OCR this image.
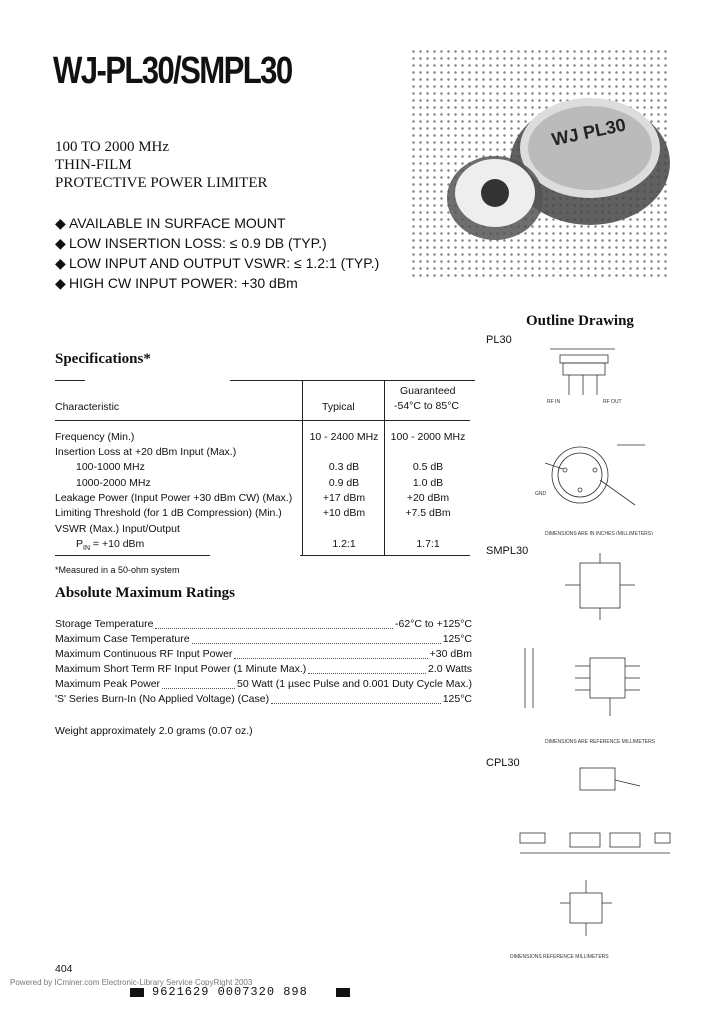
WJ-PL30/SMPL30
100 TO 2000 MHz
THIN-FILM
PROTECTIVE POWER LIMITER
◆ AVAILABLE IN SURFACE MOUNT
◆ LOW INSERTION LOSS: ≤ 0.9 DB (TYP.)
◆ LOW INPUT AND OUTPUT VSWR: ≤ 1.2:1 (TYP.)
◆ HIGH CW INPUT POWER: +30 dBm
WJ PL30
Specifications*
Characteristic	Typical
Guaranteed
-54°C to 85°C
Frequency (Min.)	10 - 2400 MHz	100 - 2000 MHz
Insertion Loss at +20 dBm Input (Max.)
100-1000 MHz	0.3 dB	0.5 dB
1000-2000 MHz	0.9 dB	1.0 dB
Leakage Power (Input Power +30 dBm CW) (Max.)	+17 dBm	+20 dBm
Limiting Threshold (for 1 dB Compression) (Min.)	+10 dBm	+7.5 dBm
VSWR (Max.) Input/Output
$P_{IN} = +10$ dBm	1.2:1	1.7:1
*Measured in a 50-ohm system
Absolute Maximum Ratings
Storage Temperature	-62°C to +125°C
Maximum Case Temperature	125°C
Maximum Continuous RF Input Power	+30 dBm
Maximum Short Term RF Input Power (1 Minute Max.)	2.0 Watts
Maximum Peak Power	50 Watt (1 µsec Pulse and 0.001 Duty Cycle Max.)
'S' Series Burn-In (No Applied Voltage) (Case)	125°C
Weight approximately 2.0 grams (0.07 oz.)
Outline Drawing
PL30
SMPL30
CPL30
RF IN	RF OUT
GND
DIMENSIONS ARE IN INCHES (MILLIMETERS)
DIMENSIONS ARE REFERENCE MILLIMETERS
DIMENSIONS REFERENCE MILLIMETERS
404
Powered by ICminer.com Electronic-Library Service CopyRight 2003
9621629 0007320 898
